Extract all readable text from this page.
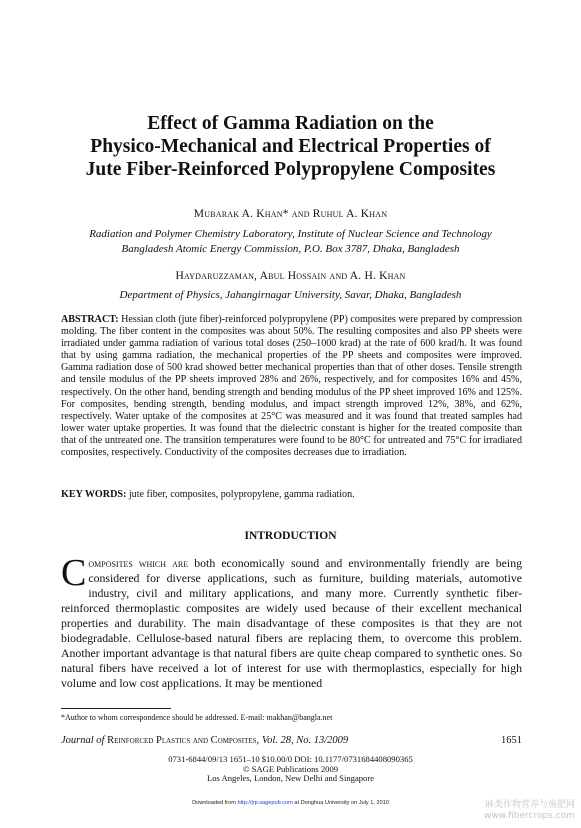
Effect of Gamma Radiation on the
Physico-Mechanical and Electrical Properties of
Jute Fiber-Reinforced Polypropylene Composites
Mubarak A. Khan* and Ruhul A. Khan
Radiation and Polymer Chemistry Laboratory, Institute of Nuclear Science and Technology
Bangladesh Atomic Energy Commission, P.O. Box 3787, Dhaka, Bangladesh
Haydaruzzaman, Abul Hossain and A. H. Khan
Department of Physics, Jahangirnagar University, Savar, Dhaka, Bangladesh
ABSTRACT: Hessian cloth (jute fiber)-reinforced polypropylene (PP) composites were prepared by compression molding. The fiber content in the composites was about 50%. The resulting composites and also PP sheets were irradiated under gamma radiation of various total doses (250–1000 krad) at the rate of 600 krad/h. It was found that by using gamma radiation, the mechanical properties of the PP sheets and composites were improved. Gamma radiation dose of 500 krad showed better mechanical properties than that of other doses. Tensile strength and tensile modulus of the PP sheets improved 28% and 26%, respectively, and for composites 16% and 45%, respectively. On the other hand, bending strength and bending modulus of the PP sheet improved 16% and 125%. For composites, bending strength, bending modulus, and impact strength improved 12%, 38%, and 62%, respectively. Water uptake of the composites at 25°C was measured and it was found that treated samples had lower water uptake properties. It was found that the dielectric constant is higher for the treated composite than that of the untreated one. The transition temperatures were found to be 80°C for untreated and 75°C for irradiated composites, respectively. Conductivity of the composites decreases due to irradiation.
KEY WORDS: jute fiber, composites, polypropylene, gamma radiation.
INTRODUCTION
Composites which are both economically sound and environmentally friendly are being considered for diverse applications, such as furniture, building materials, automotive industry, civil and military applications, and many more. Currently synthetic fiber-reinforced thermoplastic composites are widely used because of their excellent mechanical properties and durability. The main disadvantage of these composites is that they are not biodegradable. Cellulose-based natural fibers are replacing them, to overcome this problem. Another important advantage is that natural fibers are quite cheap compared to synthetic ones. So natural fibers have received a lot of interest for use with thermoplastics, especially for high volume and low cost applications. It may be mentioned
*Author to whom correspondence should be addressed. E-mail: makhan@bangla.net
Journal of Reinforced Plastics and Composites, Vol. 28, No. 13/2009	1651
0731-6844/09/13 1651–10 $10.00/0 DOI: 10.1177/0731684408090365
© SAGE Publications 2009
Los Angeles, London, New Delhi and Singapore
Downloaded from http://jrp.sagepub.com at Donghua University on July 1, 2010	麻类作物营养与施肥网
www.fibercrops.com
